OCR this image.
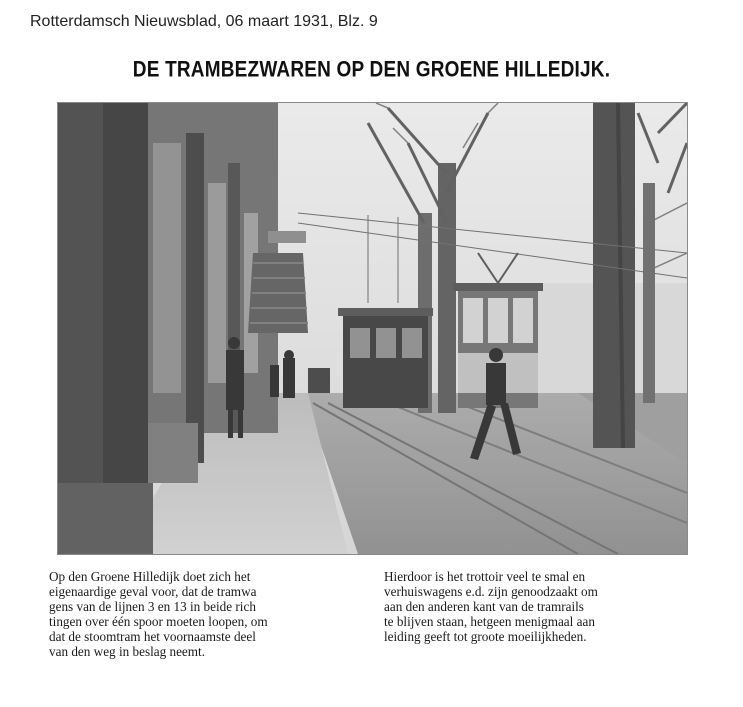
Rotterdamsch Nieuwsblad, 06 maart 1931, Blz. 9
DE TRAMBEZWAREN OP DEN GROENE HILLEDIJK.
Op den Groene Hilledijk doet zich het
eigenaardige geval voor, dat de tramwa
gens van de lijnen 3 en 13 in beide rich
tingen over één spoor moeten loopen, om
dat de stoomtram het voornaamste deel
van den weg in beslag neemt.
Hierdoor is het trottoir veel te smal en
verhuiswagens e.d. zijn genoodzaakt om
aan den anderen kant van de tramrails
te blijven staan, hetgeen menigmaal aan
leiding geeft tot groote moeilijkheden.
